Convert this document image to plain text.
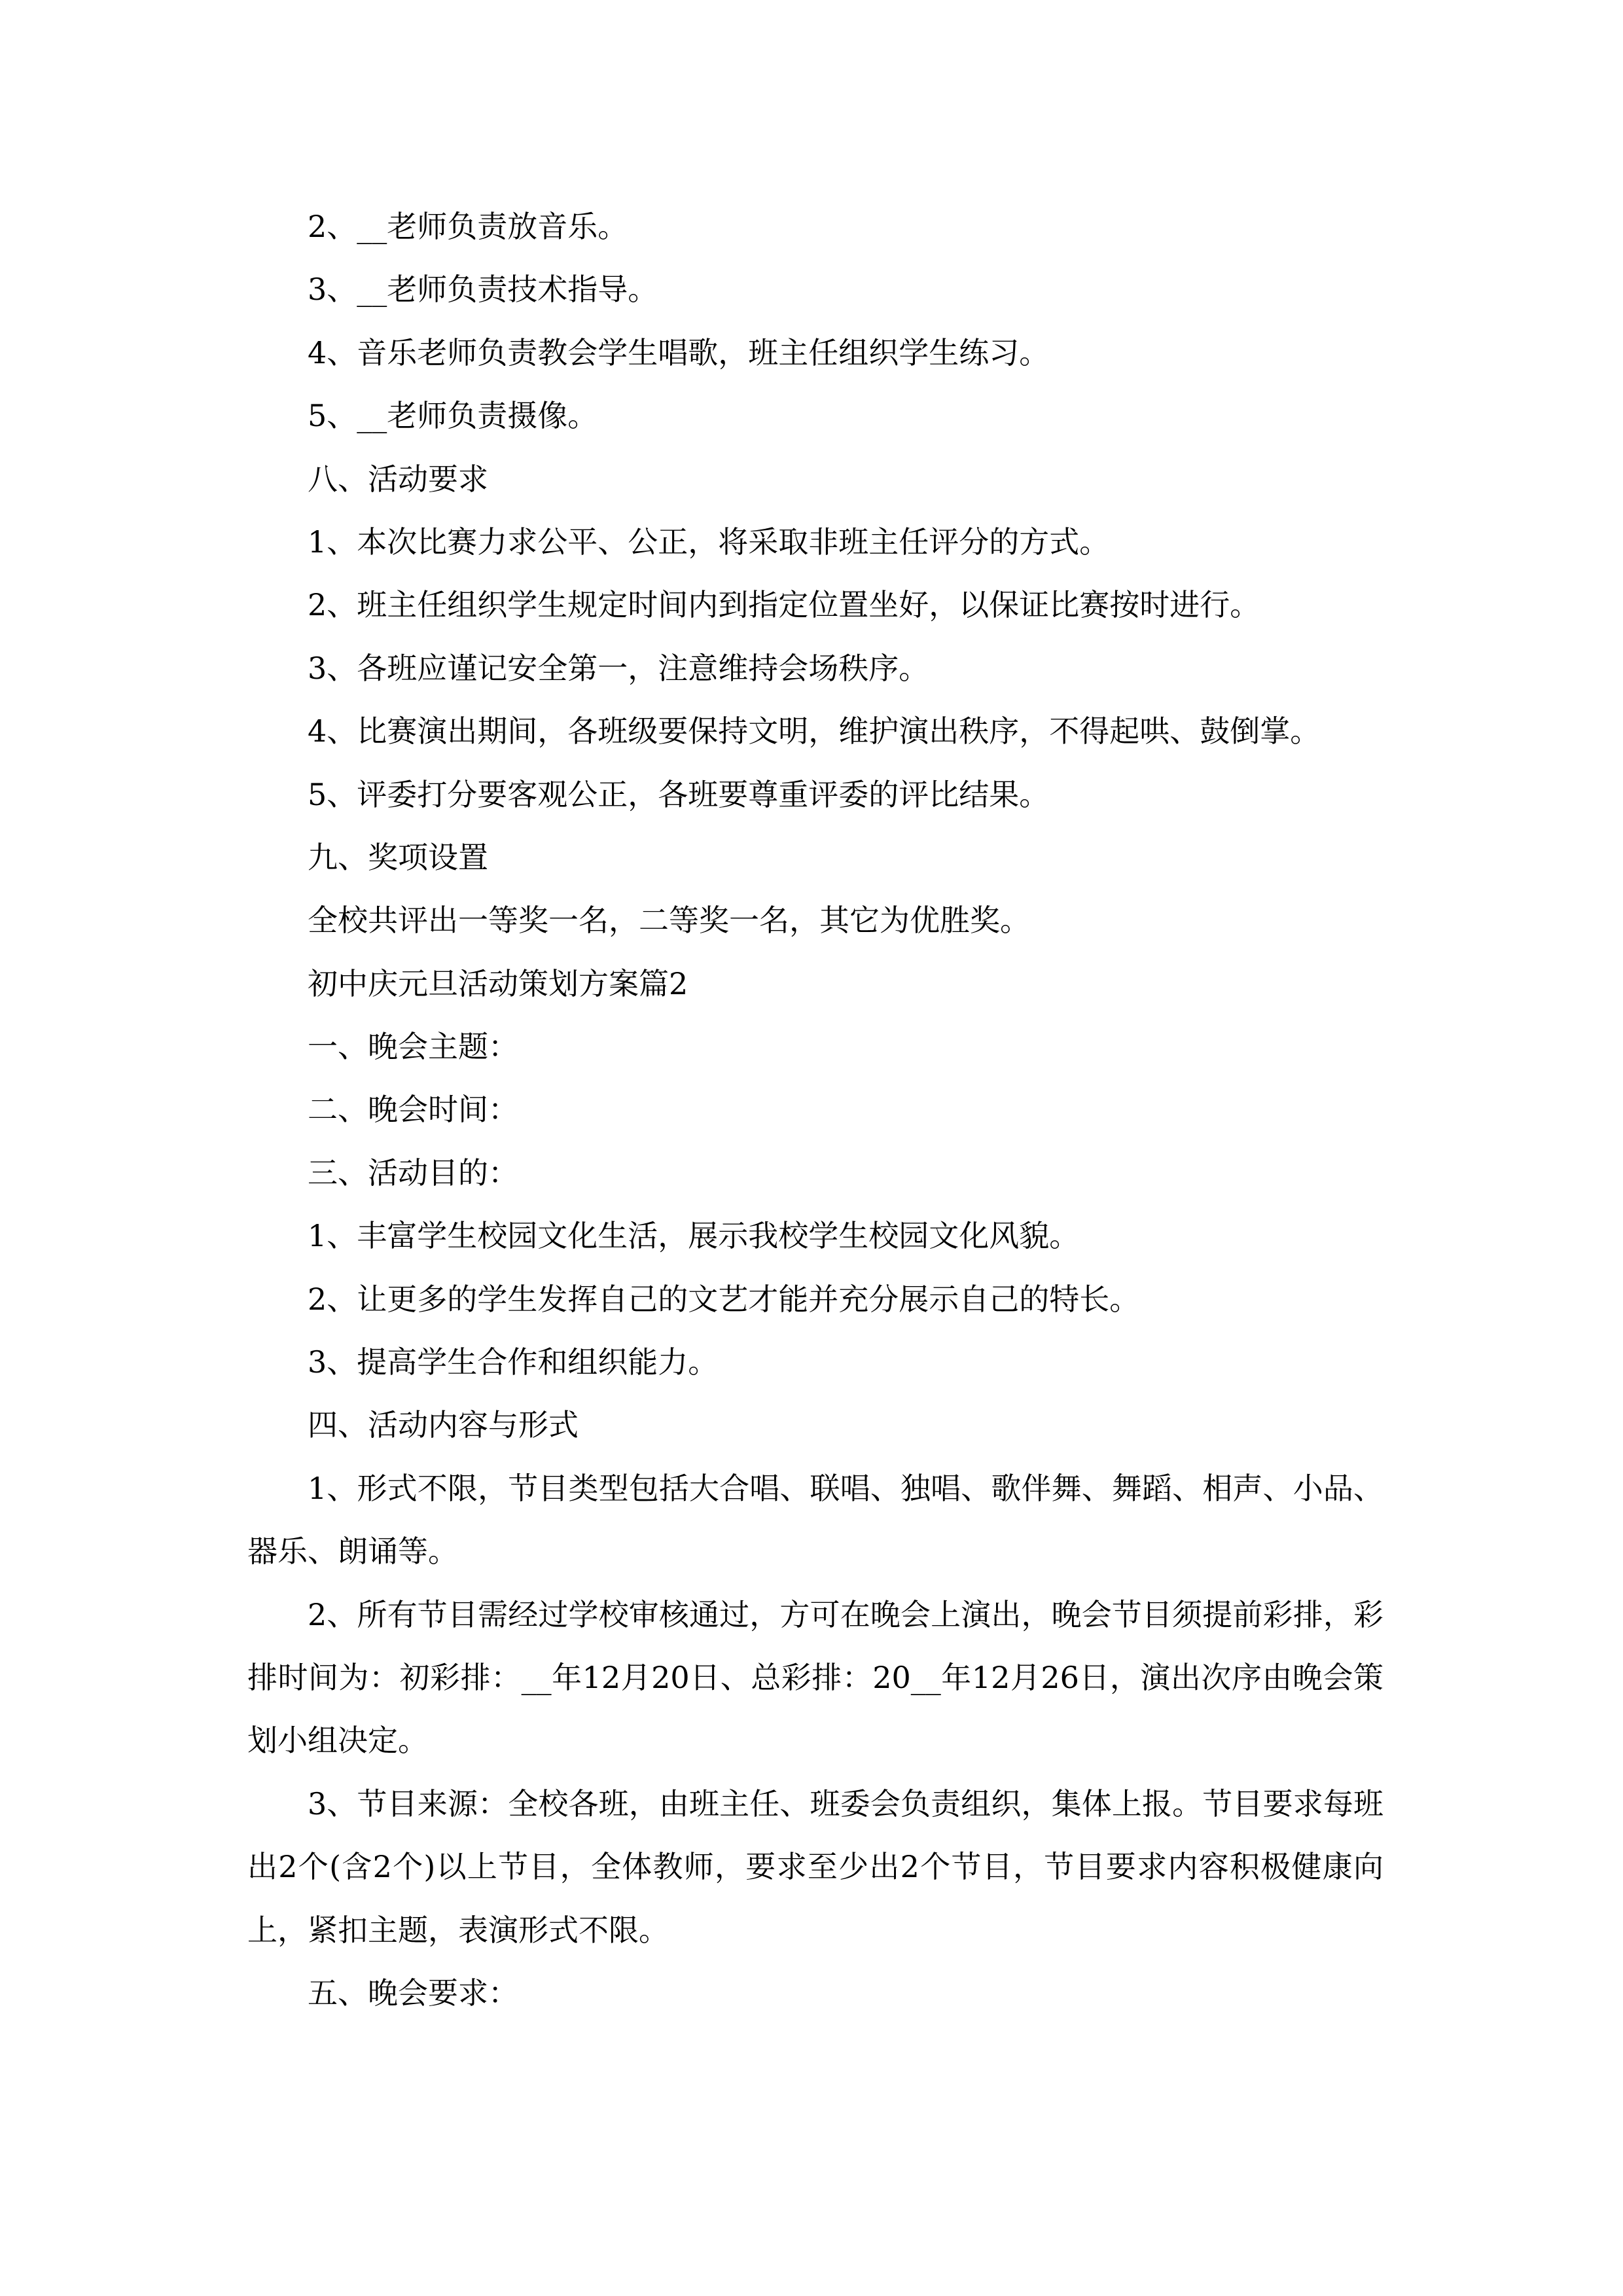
2、__老师负责放音乐。

3、__老师负责技术指导。

4、音乐老师负责教会学生唱歌，班主任组织学生练习。

5、__老师负责摄像。

八、活动要求

1、本次比赛力求公平、公正，将采取非班主任评分的方式。

2、班主任组织学生规定时间内到指定位置坐好，以保证比赛按时进行。

3、各班应谨记安全第一，注意维持会场秩序。

4、比赛演出期间，各班级要保持文明，维护演出秩序，不得起哄、鼓倒掌。

5、评委打分要客观公正，各班要尊重评委的评比结果。

九、奖项设置

全校共评出一等奖一名，二等奖一名，其它为优胜奖。

初中庆元旦活动策划方案篇2

一、晚会主题：

二、晚会时间：

三、活动目的：

1、丰富学生校园文化生活，展示我校学生校园文化风貌。

2、让更多的学生发挥自己的文艺才能并充分展示自己的特长。

3、提高学生合作和组织能力。

四、活动内容与形式

1、形式不限，节目类型包括大合唱、联唱、独唱、歌伴舞、舞蹈、相声、小品、器乐、朗诵等。

2、所有节目需经过学校审核通过，方可在晚会上演出，晚会节目须提前彩排，彩排时间为：初彩排：__年12月20日、总彩排：20__年12月26日，演出次序由晚会策划小组决定。

3、节目来源：全校各班，由班主任、班委会负责组织，集体上报。节目要求每班出2个(含2个)以上节目，全体教师，要求至少出2个节目，节目要求内容积极健康向上，紧扣主题，表演形式不限。

五、晚会要求：
